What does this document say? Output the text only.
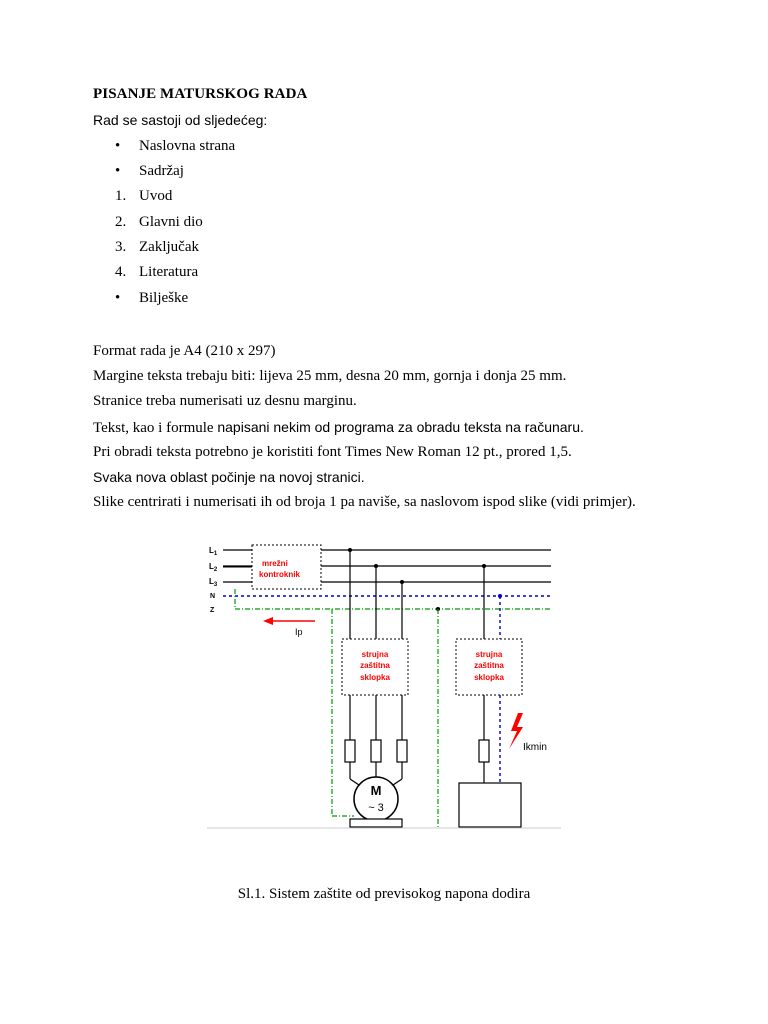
PISANJE MATURSKOG RADA
Rad se sastoji od sljedećeg:
• Naslovna strana
• Sadržaj
1. Uvod
2. Glavni dio
3. Zaključak
4. Literatura
• Bilješke

Format rada je A4 (210 x 297)

Margine teksta trebaju biti: lijeva 25 mm, desna 20 mm, gornja i donja 25 mm.

Stranice treba numerisati uz desnu marginu.

Tekst, kao i formule napisani nekim od programa za obradu teksta na računaru.

Pri obradi teksta potrebno je koristiti font Times New Roman 12 pt., prored 1,5.

Svaka nova oblast počinje na novoj stranici.

Slike centrirati i numerisati ih od broja 1 pa naviše, sa naslovom ispod slike (vidi primjer).

$L_1$
$L_2$
$L_3$
N
Z
mrežni
kontroknik
Ip
strujna
zaštitna
sklopka
M
~ 3
strujna
zaštitna
sklopka
Ikmin
Sl.1. Sistem zaštite od previsokog napona dodira
